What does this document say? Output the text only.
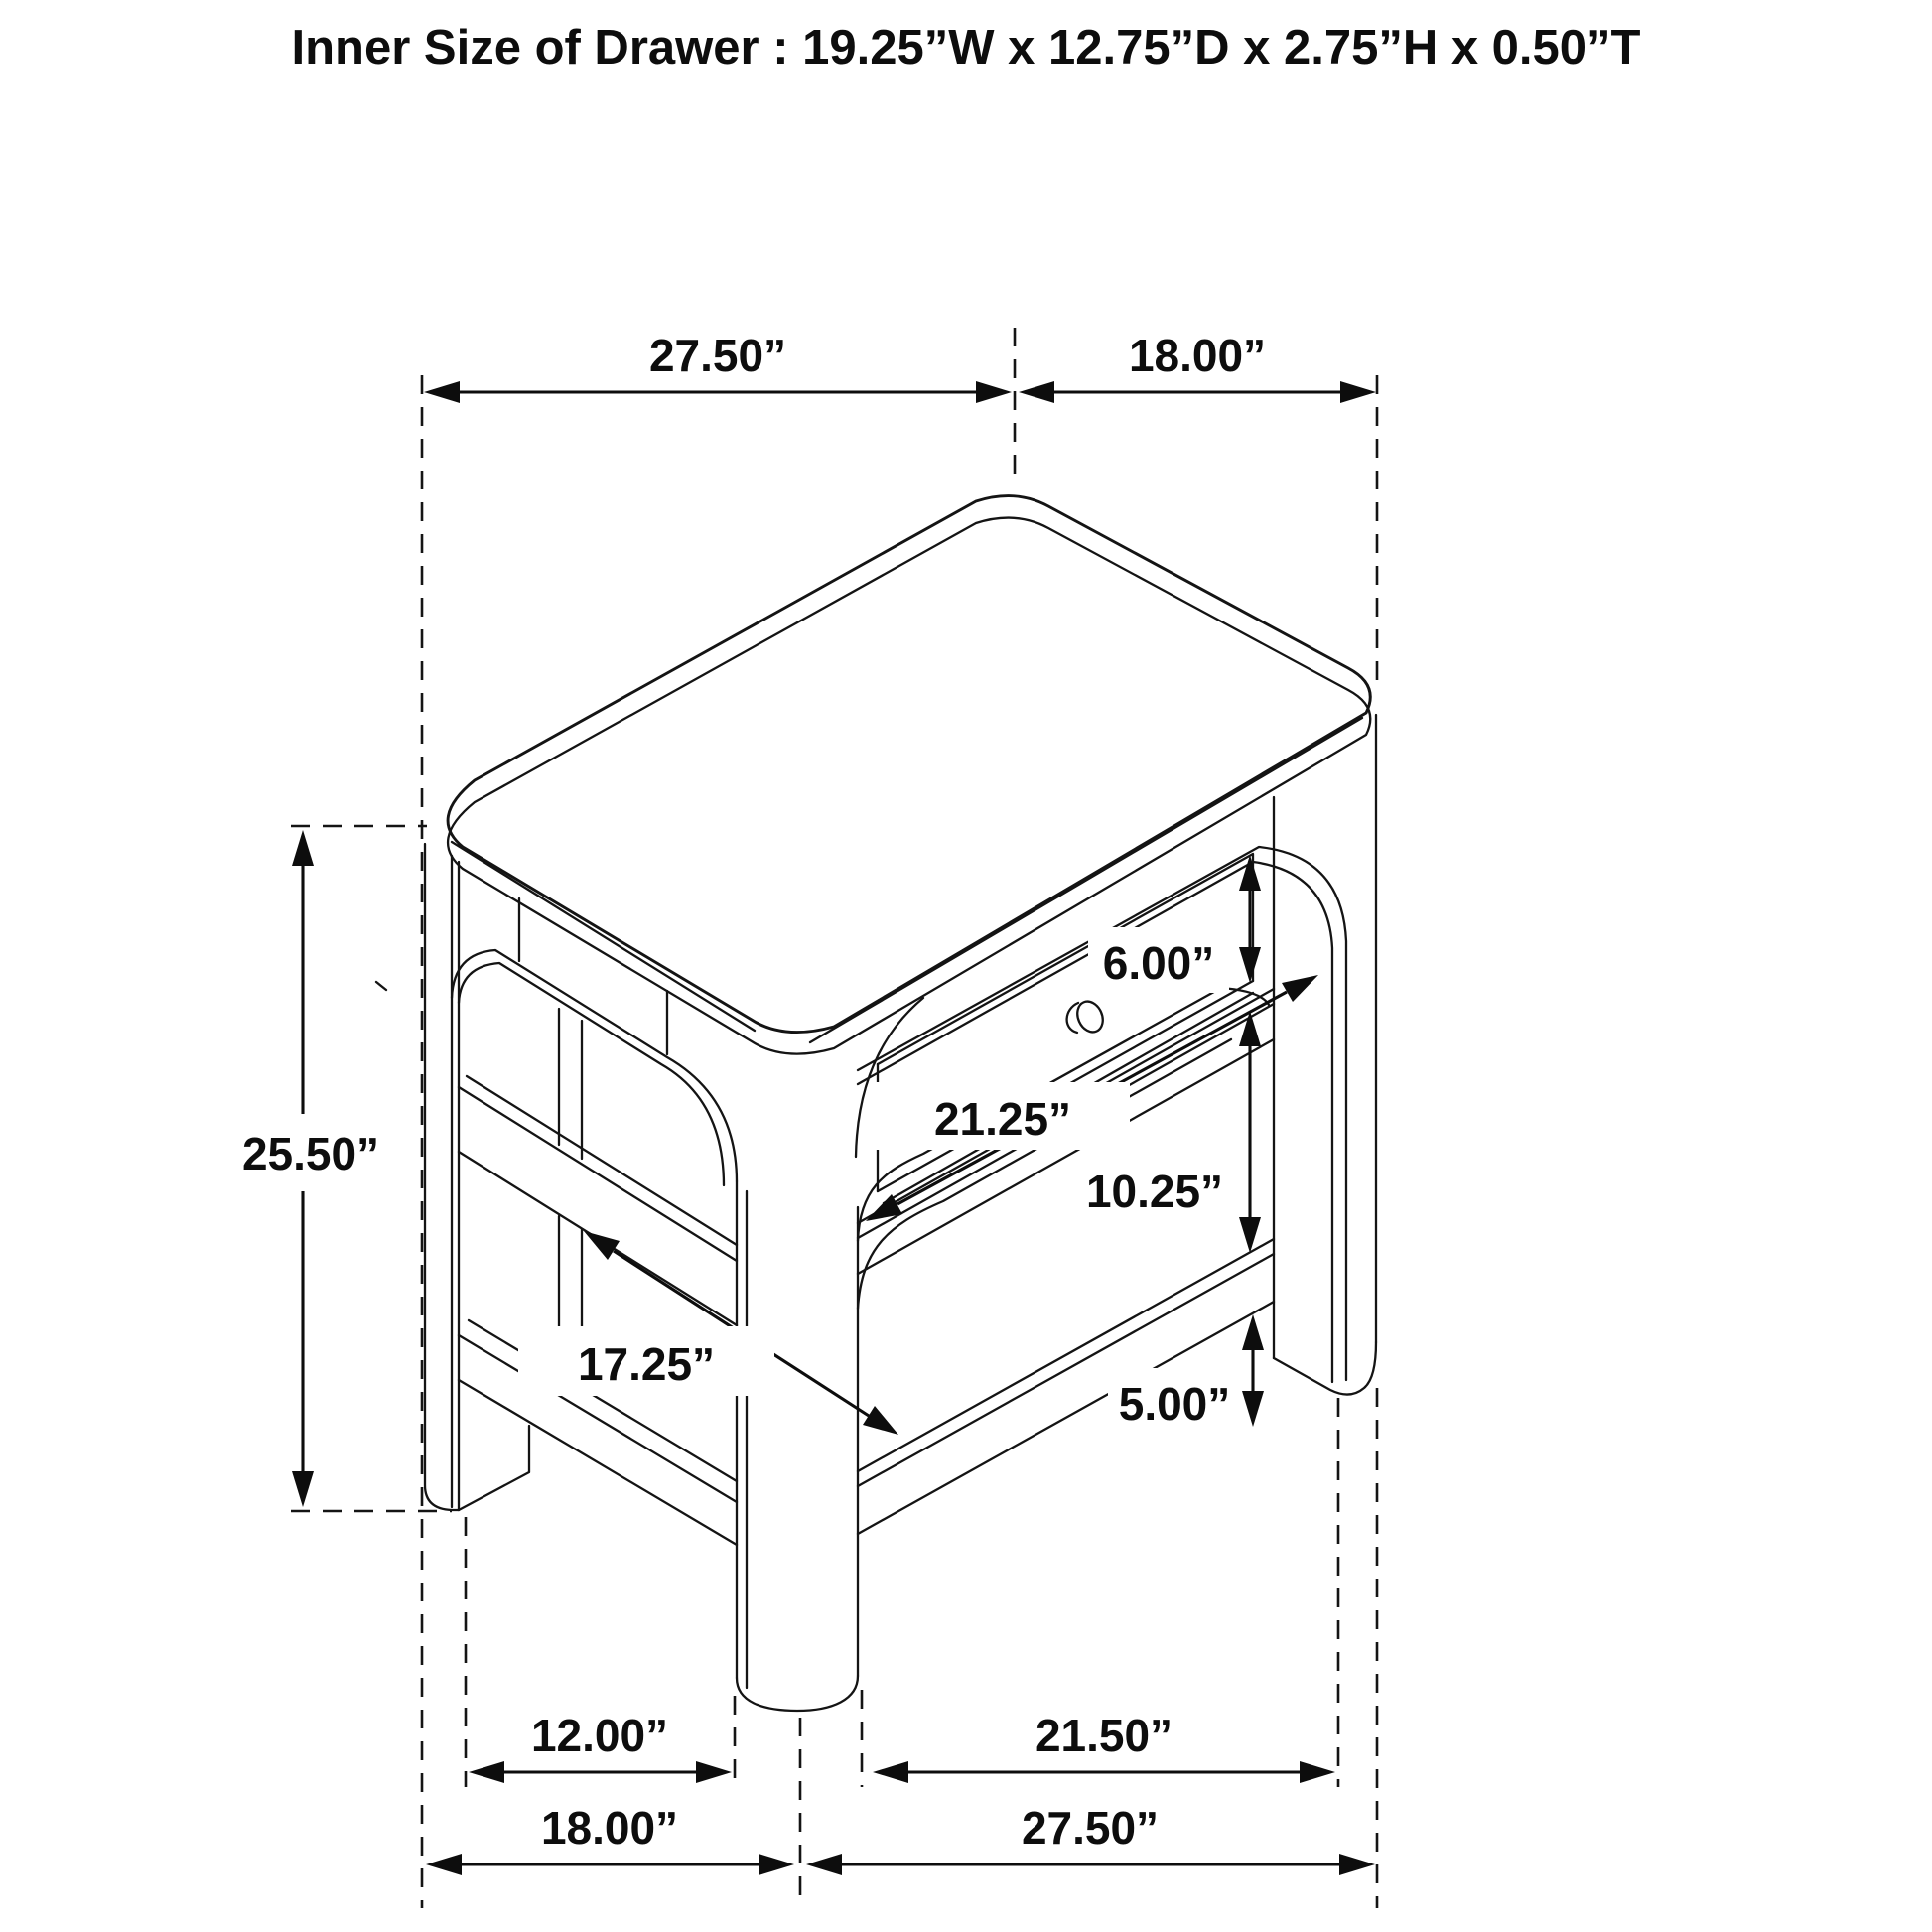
27.50”	18.00”
25.50”
6.00”
21.25”
10.25”
17.25”
5.00”
12.00”	21.50”
18.00”	27.50”
Inner Size of Drawer : 19.25”W x 12.75”D x 2.75”H x 0.50”T
